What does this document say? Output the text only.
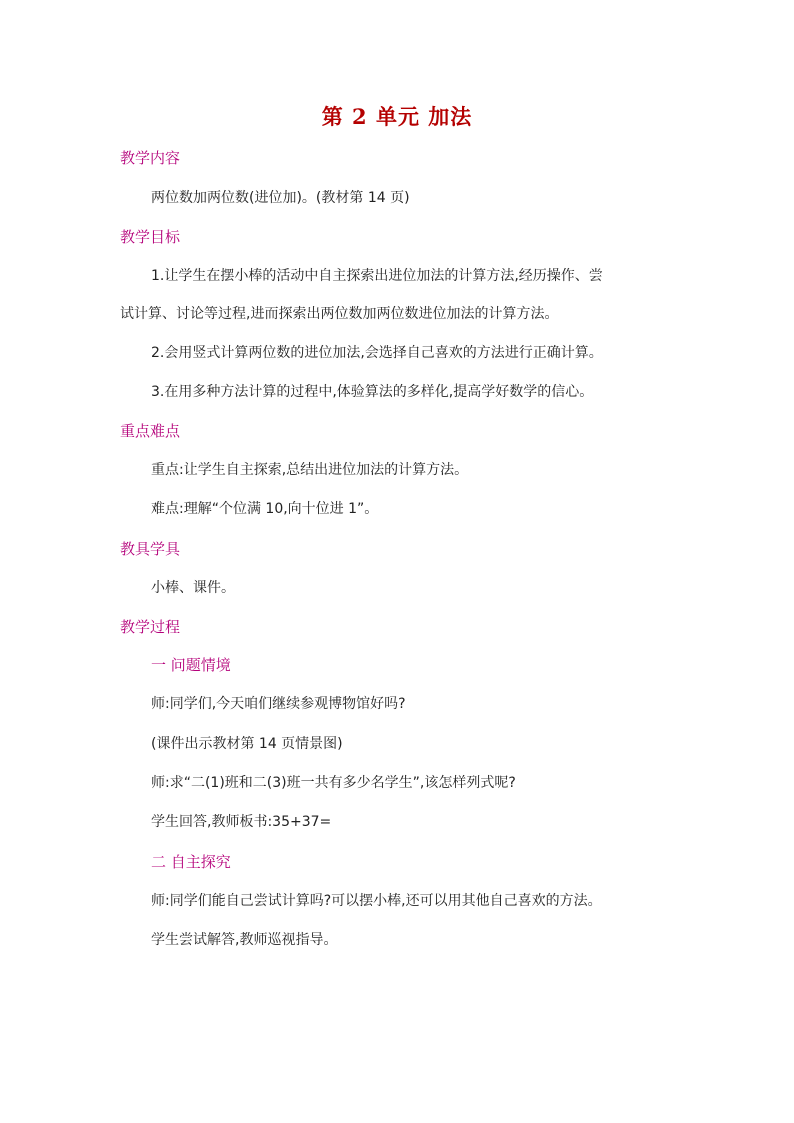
第 2 单元 加法
教学内容
两位数加两位数(进位加)。(教材第 14 页)
教学目标
1.让学生在摆小棒的活动中自主探索出进位加法的计算方法,经历操作、尝
试计算、讨论等过程,进而探索出两位数加两位数进位加法的计算方法。
2.会用竖式计算两位数的进位加法,会选择自己喜欢的方法进行正确计算。
3.在用多种方法计算的过程中,体验算法的多样化,提高学好数学的信心。
重点难点
重点:让学生自主探索,总结出进位加法的计算方法。
难点:理解“个位满 10,向十位进 1”。
教具学具
小棒、课件。
教学过程
一 问题情境
师:同学们,今天咱们继续参观博物馆好吗?
(课件出示教材第 14 页情景图)
师:求“二(1)班和二(3)班一共有多少名学生”,该怎样列式呢?
学生回答,教师板书:35+37=
二 自主探究
师:同学们能自己尝试计算吗?可以摆小棒,还可以用其他自己喜欢的方法。
学生尝试解答,教师巡视指导。
